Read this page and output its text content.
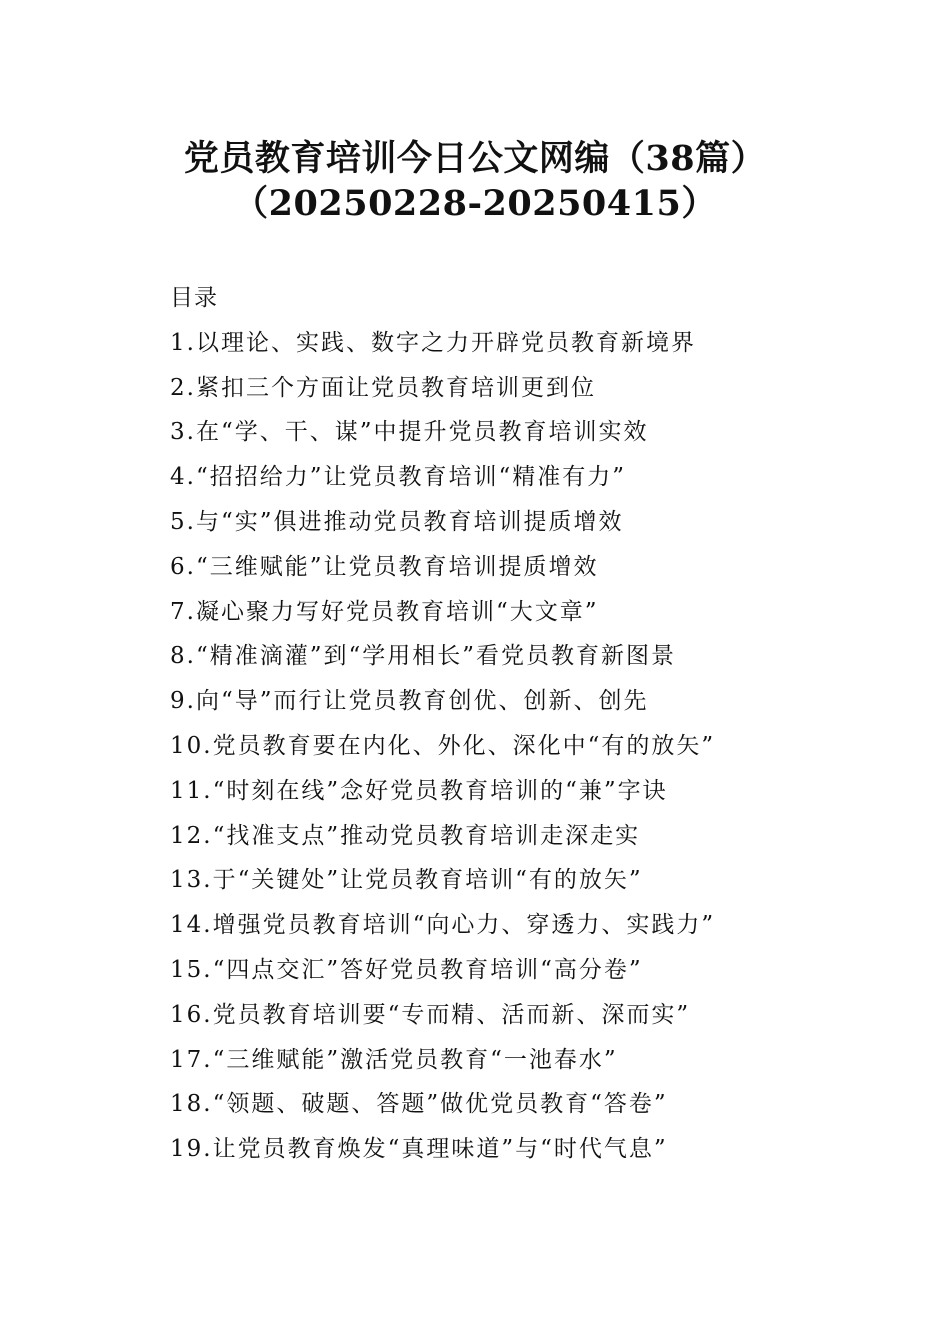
党员教育培训今日公文网编（38篇）
（20250228-20250415）
目录
1.以理论、实践、数字之力开辟党员教育新境界
2.紧扣三个方面让党员教育培训更到位
3.在“学、干、谋”中提升党员教育培训实效
4.“招招给力”让党员教育培训“精准有力”
5.与“实”俱进推动党员教育培训提质增效
6.“三维赋能”让党员教育培训提质增效
7.凝心聚力写好党员教育培训“大文章”
8.“精准滴灌”到“学用相长”看党员教育新图景
9.向“导”而行让党员教育创优、创新、创先
10.党员教育要在内化、外化、深化中“有的放矢”
11.“时刻在线”念好党员教育培训的“兼”字诀
12.“找准支点”推动党员教育培训走深走实
13.于“关键处”让党员教育培训“有的放矢”
14.增强党员教育培训“向心力、穿透力、实践力”
15.“四点交汇”答好党员教育培训“高分卷”
16.党员教育培训要“专而精、活而新、深而实”
17.“三维赋能”激活党员教育“一池春水”
18.“领题、破题、答题”做优党员教育“答卷”
19.让党员教育焕发“真理味道”与“时代气息”
